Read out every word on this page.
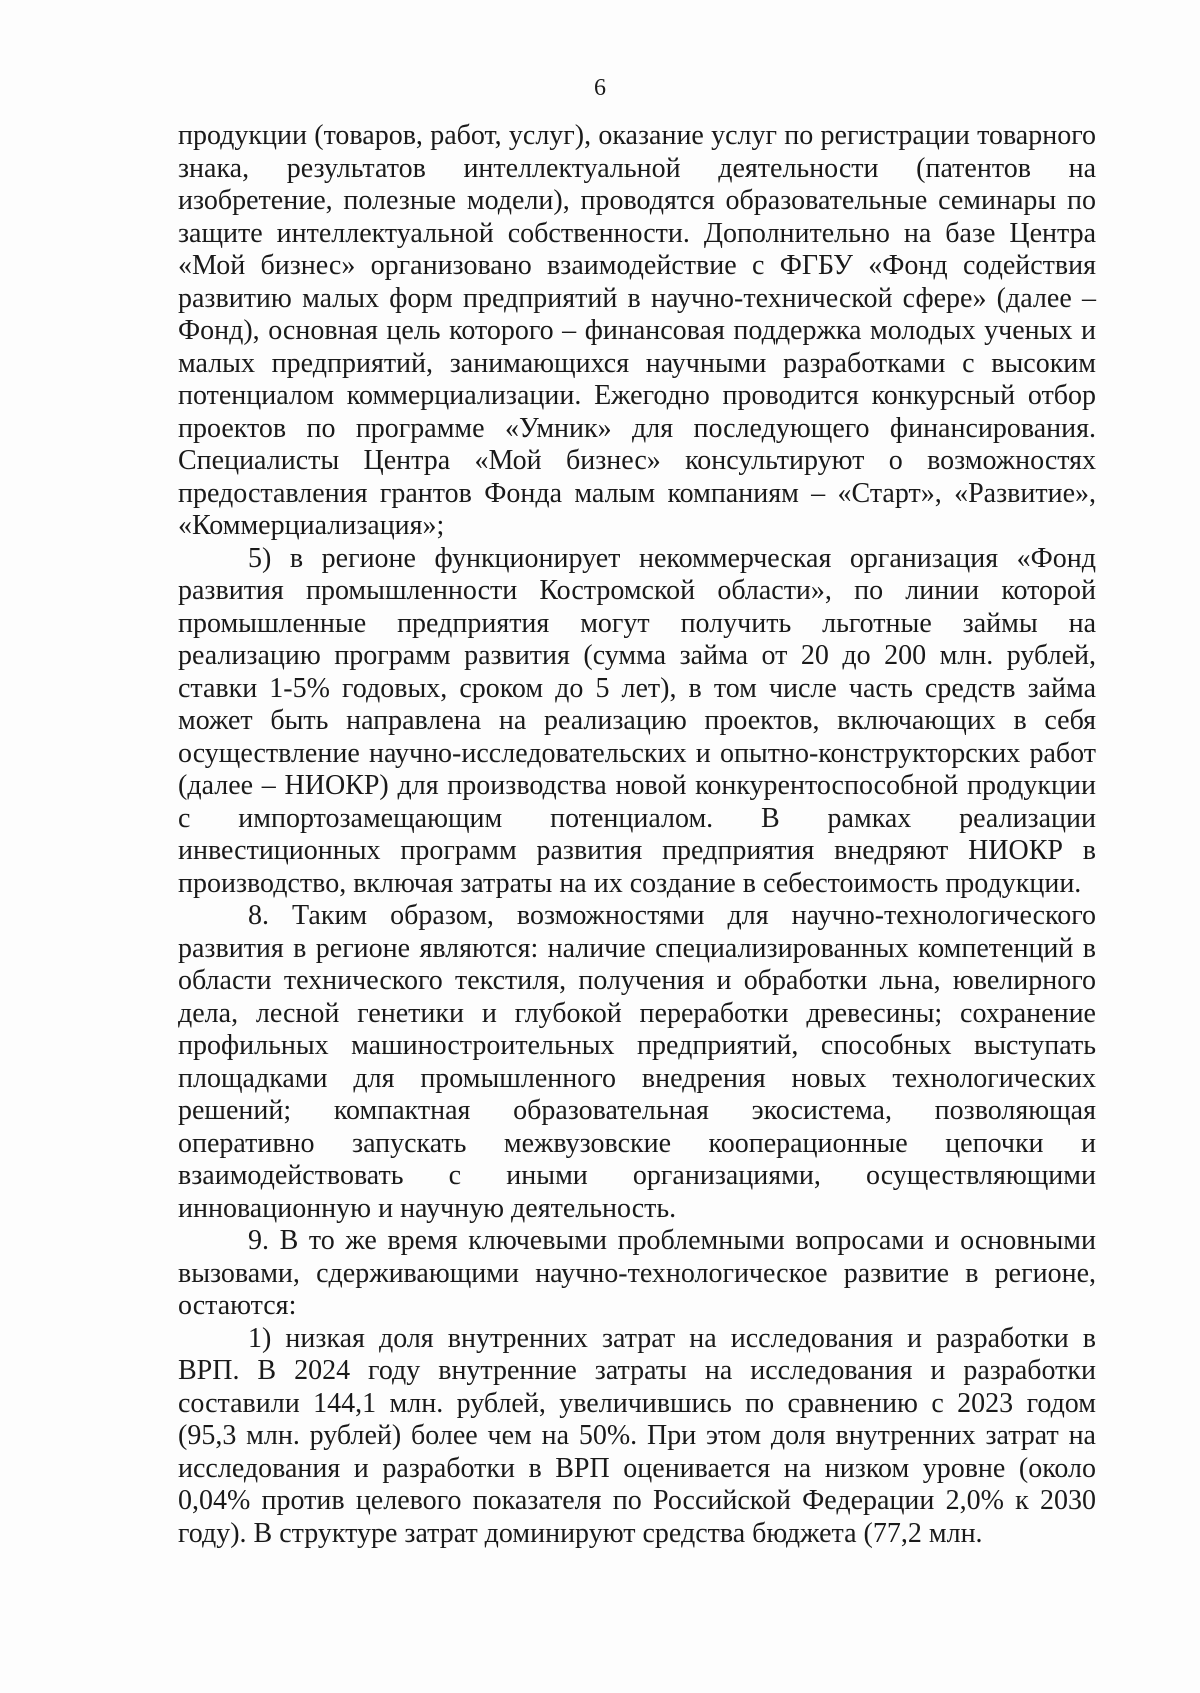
6

продукции (товаров, работ, услуг), оказание услуг по регистрации товарного знака, результатов интеллектуальной деятельности (патентов на изобретение, полезные модели), проводятся образовательные семинары по защите интеллектуальной собственности. Дополнительно на базе Центра «Мой бизнес» организовано взаимодействие с ФГБУ «Фонд содействия развитию малых форм предприятий в научно-технической сфере» (далее – Фонд), основная цель которого – финансовая поддержка молодых ученых и малых предприятий, занимающихся научными разработками с высоким потенциалом коммерциализации. Ежегодно проводится конкурсный отбор проектов по программе «Умник» для последующего финансирования. Специалисты Центра «Мой бизнес» консультируют о возможностях предоставления грантов Фонда малым компаниям – «Старт», «Развитие», «Коммерциализация»;

5) в регионе функционирует некоммерческая организация «Фонд развития промышленности Костромской области», по линии которой промышленные предприятия могут получить льготные займы на реализацию программ развития (сумма займа от 20 до 200 млн. рублей, ставки 1-5% годовых, сроком до 5 лет), в том числе часть средств займа может быть направлена на реализацию проектов, включающих в себя осуществление научно-исследовательских и опытно-конструкторских работ (далее – НИОКР) для производства новой конкурентоспособной продукции с импортозамещающим потенциалом. В рамках реализации инвестиционных программ развития предприятия внедряют НИОКР в производство, включая затраты на их создание в себестоимость продукции.

8. Таким образом, возможностями для научно-технологического развития в регионе являются: наличие специализированных компетенций в области технического текстиля, получения и обработки льна, ювелирного дела, лесной генетики и глубокой переработки древесины; сохранение профильных машиностроительных предприятий, способных выступать площадками для промышленного внедрения новых технологических решений; компактная образовательная экосистема, позволяющая оперативно запускать межвузовские кооперационные цепочки и взаимодействовать с иными организациями, осуществляющими инновационную и научную деятельность.

9. В то же время ключевыми проблемными вопросами и основными вызовами, сдерживающими научно-технологическое развитие в регионе, остаются:

1) низкая доля внутренних затрат на исследования и разработки в ВРП. В 2024 году внутренние затраты на исследования и разработки составили 144,1 млн. рублей, увеличившись по сравнению с 2023 годом (95,3 млн. рублей) более чем на 50%. При этом доля внутренних затрат на исследования и разработки в ВРП оценивается на низком уровне (около 0,04% против целевого показателя по Российской Федерации 2,0% к 2030 году). В структуре затрат доминируют средства бюджета (77,2 млн.
